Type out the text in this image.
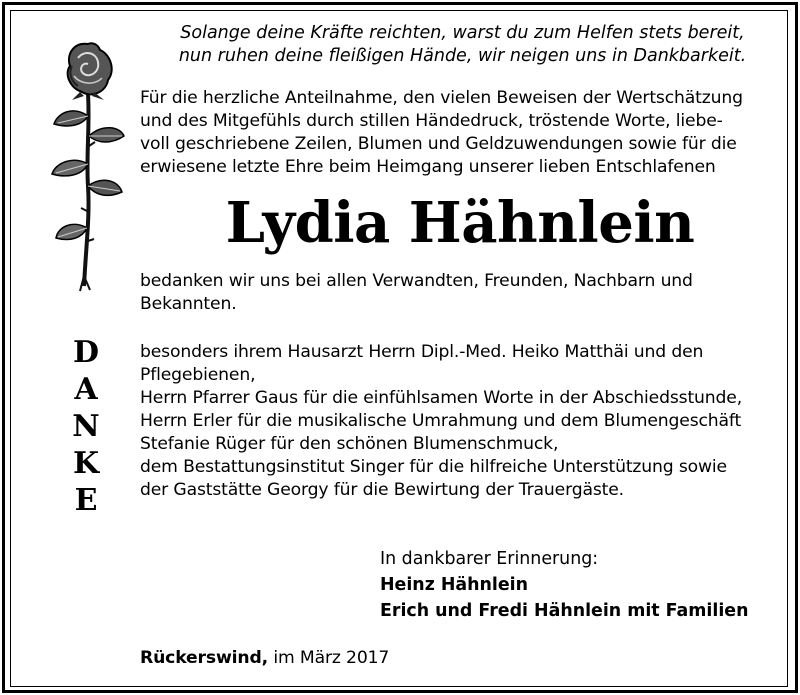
D
A
N
K
E
Solange deine Kräfte reichten, warst du zum Helfen stets bereit,
nun ruhen deine fleißigen Hände, wir neigen uns in Dankbarkeit.
Für die herzliche Anteilnahme, den vielen Beweisen der Wertschätzung
und des Mitgefühls durch stillen Händedruck, tröstende Worte, liebe-
voll geschriebene Zeilen, Blumen und Geldzuwendungen sowie für die
erwiesene letzte Ehre beim Heimgang unserer lieben Entschlafenen
Lydia Hähnlein
bedanken wir uns bei allen Verwandten, Freunden, Nachbarn und
Bekannten.
besonders ihrem Hausarzt Herrn Dipl.-Med. Heiko Matthäi und den
Pflegebienen,
Herrn Pfarrer Gaus für die einfühlsamen Worte in der Abschiedsstunde,
Herrn Erler für die musikalische Umrahmung und dem Blumengeschäft
Stefanie Rüger für den schönen Blumenschmuck,
dem Bestattungsinstitut Singer für die hilfreiche Unterstützung sowie
der Gaststätte Georgy für die Bewirtung der Trauergäste.
In dankbarer Erinnerung:
Heinz Hähnlein
Erich und Fredi Hähnlein mit Familien
Rückerswind, im März 2017
